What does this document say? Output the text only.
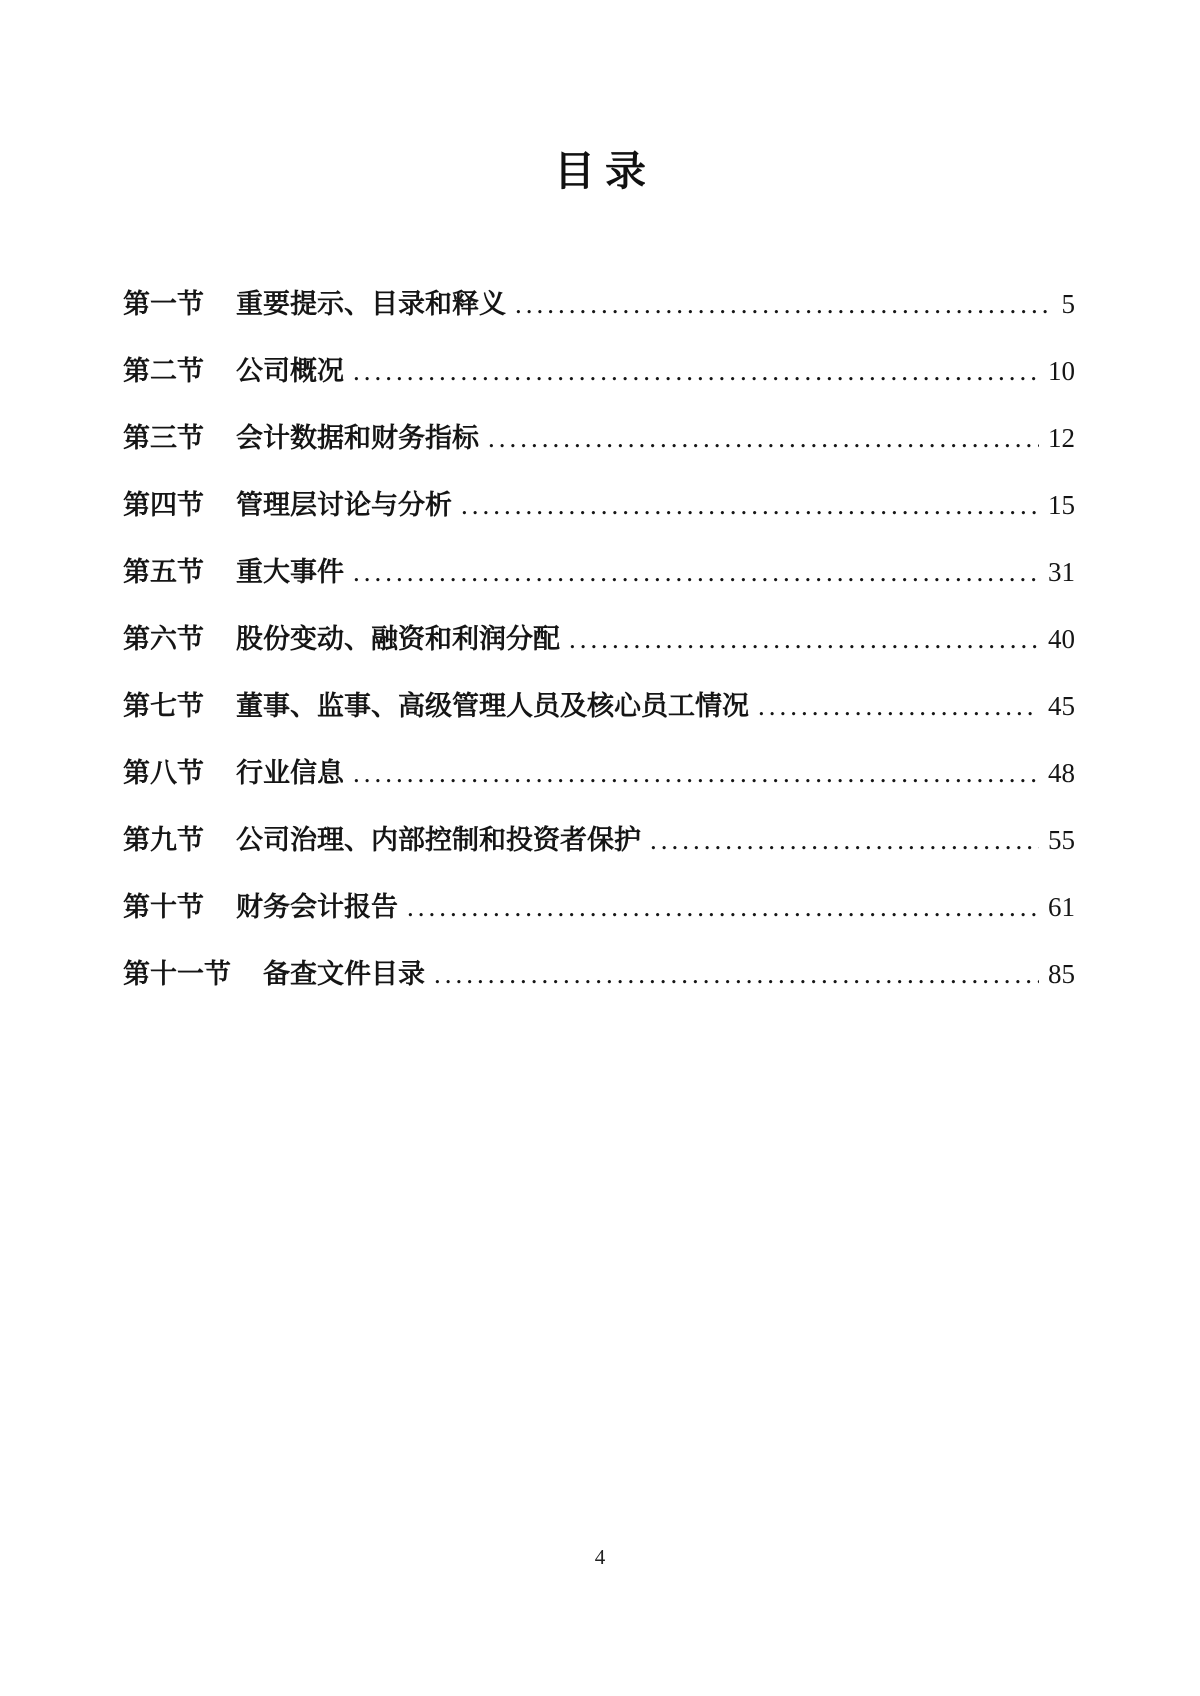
目录
第一节 重要提示、目录和释义 .....	5
第二节 公司概况 .....	10
第三节 会计数据和财务指标 .....	12
第四节 管理层讨论与分析 .....	15
第五节 重大事件 .....	31
第六节 股份变动、融资和利润分配 .....	40
第七节 董事、监事、高级管理人员及核心员工情况 .....	45
第八节 行业信息 .....	48
第九节 公司治理、内部控制和投资者保护 .....	55
第十节 财务会计报告 .....	61
第十一节 备查文件目录 .....	85
4
